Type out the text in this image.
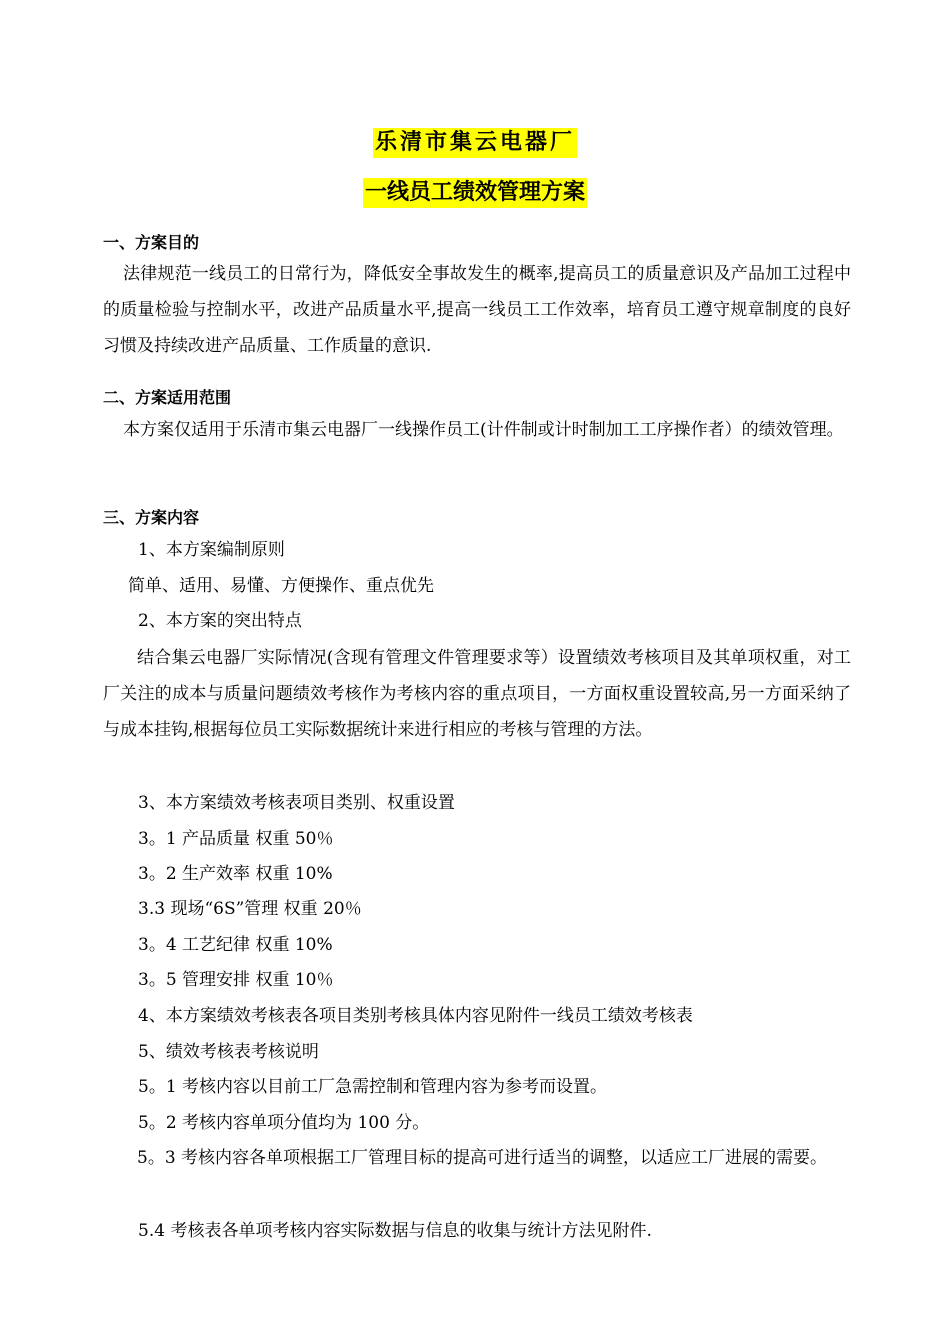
乐清市集云电器厂
一线员工绩效管理方案
一、方案目的

法律规范一线员工的日常行为，降低安全事故发生的概率,提高员工的质量意识及产品加工过程中的质量检验与控制水平，改进产品质量水平,提高一线员工工作效率，培育员工遵守规章制度的良好习惯及持续改进产品质量、工作质量的意识.

二、方案适用范围

本方案仅适用于乐清市集云电器厂一线操作员工(计件制或计时制加工工序操作者）的绩效管理。

三、方案内容
1、本方案编制原则
简单、适用、易懂、方便操作、重点优先
2、本方案的突出特点

结合集云电器厂实际情况(含现有管理文件管理要求等）设置绩效考核项目及其单项权重，对工厂关注的成本与质量问题绩效考核作为考核内容的重点项目，一方面权重设置较高,另一方面采纳了与成本挂钩,根据每位员工实际数据统计来进行相应的考核与管理的方法。

3、本方案绩效考核表项目类别、权重设置
3。1 产品质量 权重 50％
3。2 生产效率 权重 10%
3.3 现场“6S”管理 权重 20％
3。4 工艺纪律 权重 10%
3。5 管理安排 权重 10％
4、本方案绩效考核表各项目类别考核具体内容见附件一线员工绩效考核表
5、绩效考核表考核说明
5。1 考核内容以目前工厂急需控制和管理内容为参考而设置。
5。2 考核内容单项分值均为 100 分。

5。3 考核内容各单项根据工厂管理目标的提高可进行适当的调整，以适应工厂进展的需要。

5.4 考核表各单项考核内容实际数据与信息的收集与统计方法见附件.
